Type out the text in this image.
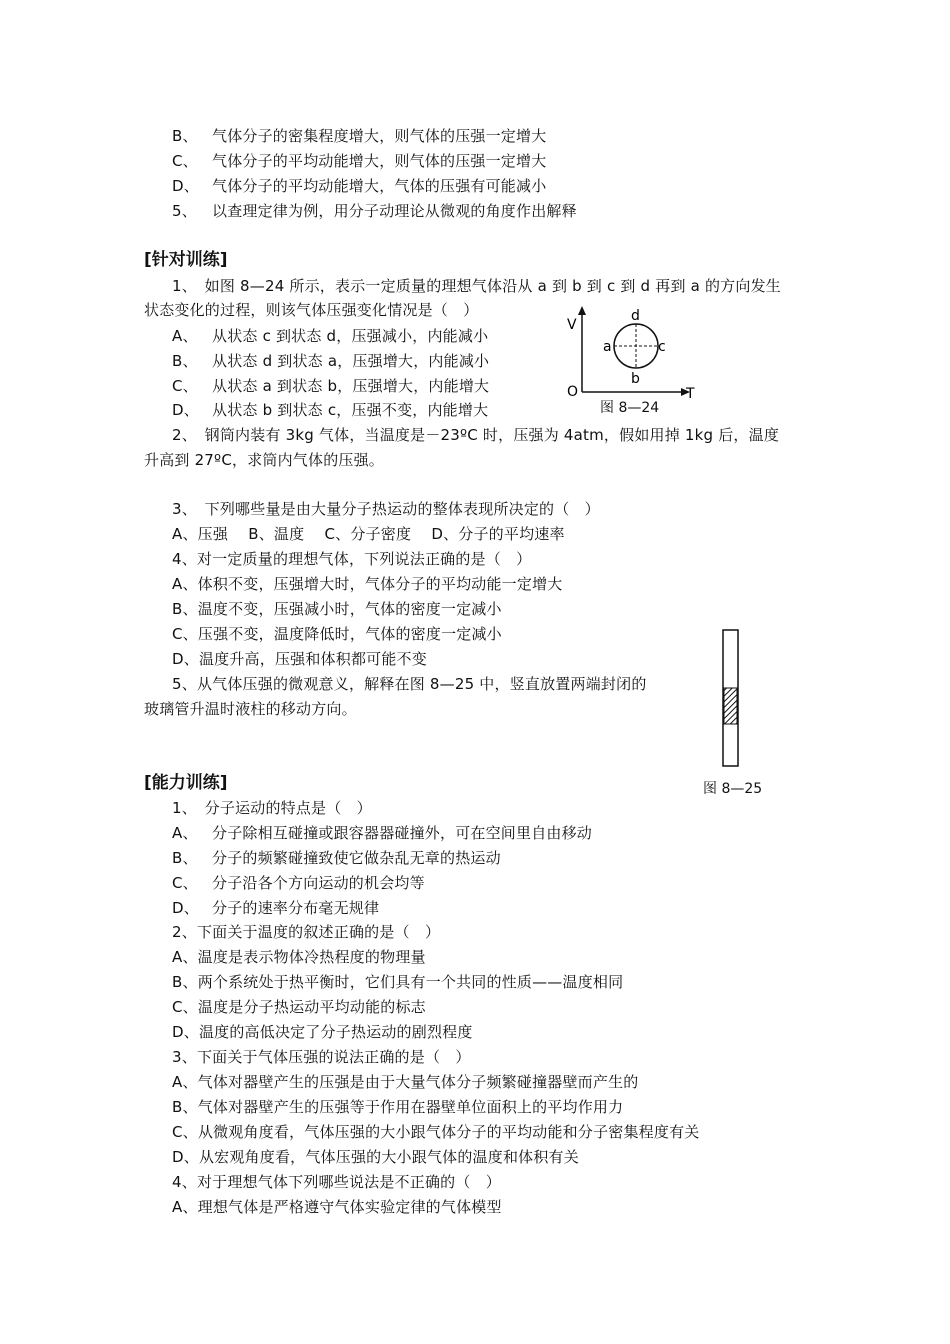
B、 气体分子的密集程度增大，则气体的压强一定增大
C、 气体分子的平均动能增大，则气体的压强一定增大
D、 气体分子的平均动能增大，气体的压强有可能减小
5、 以查理定律为例，用分子动理论从微观的角度作出解释
[针对训练]
1、　如图 8—24 所示，表示一定质量的理想气体沿从 a 到 b 到 c 到 d 再到 a 的方向发生
状态变化的过程，则该气体压强变化情况是（　）
A、 从状态 c 到状态 d，压强减小，内能减小
B、 从状态 d 到状态 a，压强增大，内能减小
C、 从状态 a 到状态 b，压强增大，内能增大
D、 从状态 b 到状态 c，压强不变，内能增大
V
T
O
a
b
c
d
图 8—24
2、　钢筒内装有 3kg 气体，当温度是－23ºC 时，压强为 4atm，假如用掉 1kg 后，温度
升高到 27ºC，求筒内气体的压强。
3、　下列哪些量是由大量分子热运动的整体表现所决定的（　）
A、压强　 B、温度　 C、分子密度　 D、分子的平均速率
4、对一定质量的理想气体，下列说法正确的是（　）
A、体积不变，压强增大时，气体分子的平均动能一定增大
B、温度不变，压强减小时，气体的密度一定减小
C、压强不变，温度降低时，气体的密度一定减小
D、温度升高，压强和体积都可能不变
5、从气体压强的微观意义，解释在图 8—25 中，竖直放置两端封闭的
玻璃管升温时液柱的移动方向。
图 8—25
[能力训练]
1、　分子运动的特点是（　）
A、 分子除相互碰撞或跟容器器碰撞外，可在空间里自由移动
B、 分子的频繁碰撞致使它做杂乱无章的热运动
C、 分子沿各个方向运动的机会均等
D、 分子的速率分布毫无规律
2、下面关于温度的叙述正确的是（　）
A、温度是表示物体冷热程度的物理量
B、两个系统处于热平衡时，它们具有一个共同的性质——温度相同
C、温度是分子热运动平均动能的标志
D、温度的高低决定了分子热运动的剧烈程度
3、下面关于气体压强的说法正确的是（　）
A、气体对器壁产生的压强是由于大量气体分子频繁碰撞器壁而产生的
B、气体对器壁产生的压强等于作用在器壁单位面积上的平均作用力
C、从微观角度看，气体压强的大小跟气体分子的平均动能和分子密集程度有关
D、从宏观角度看，气体压强的大小跟气体的温度和体积有关
4、对于理想气体下列哪些说法是不正确的（　）
A、理想气体是严格遵守气体实验定律的气体模型
